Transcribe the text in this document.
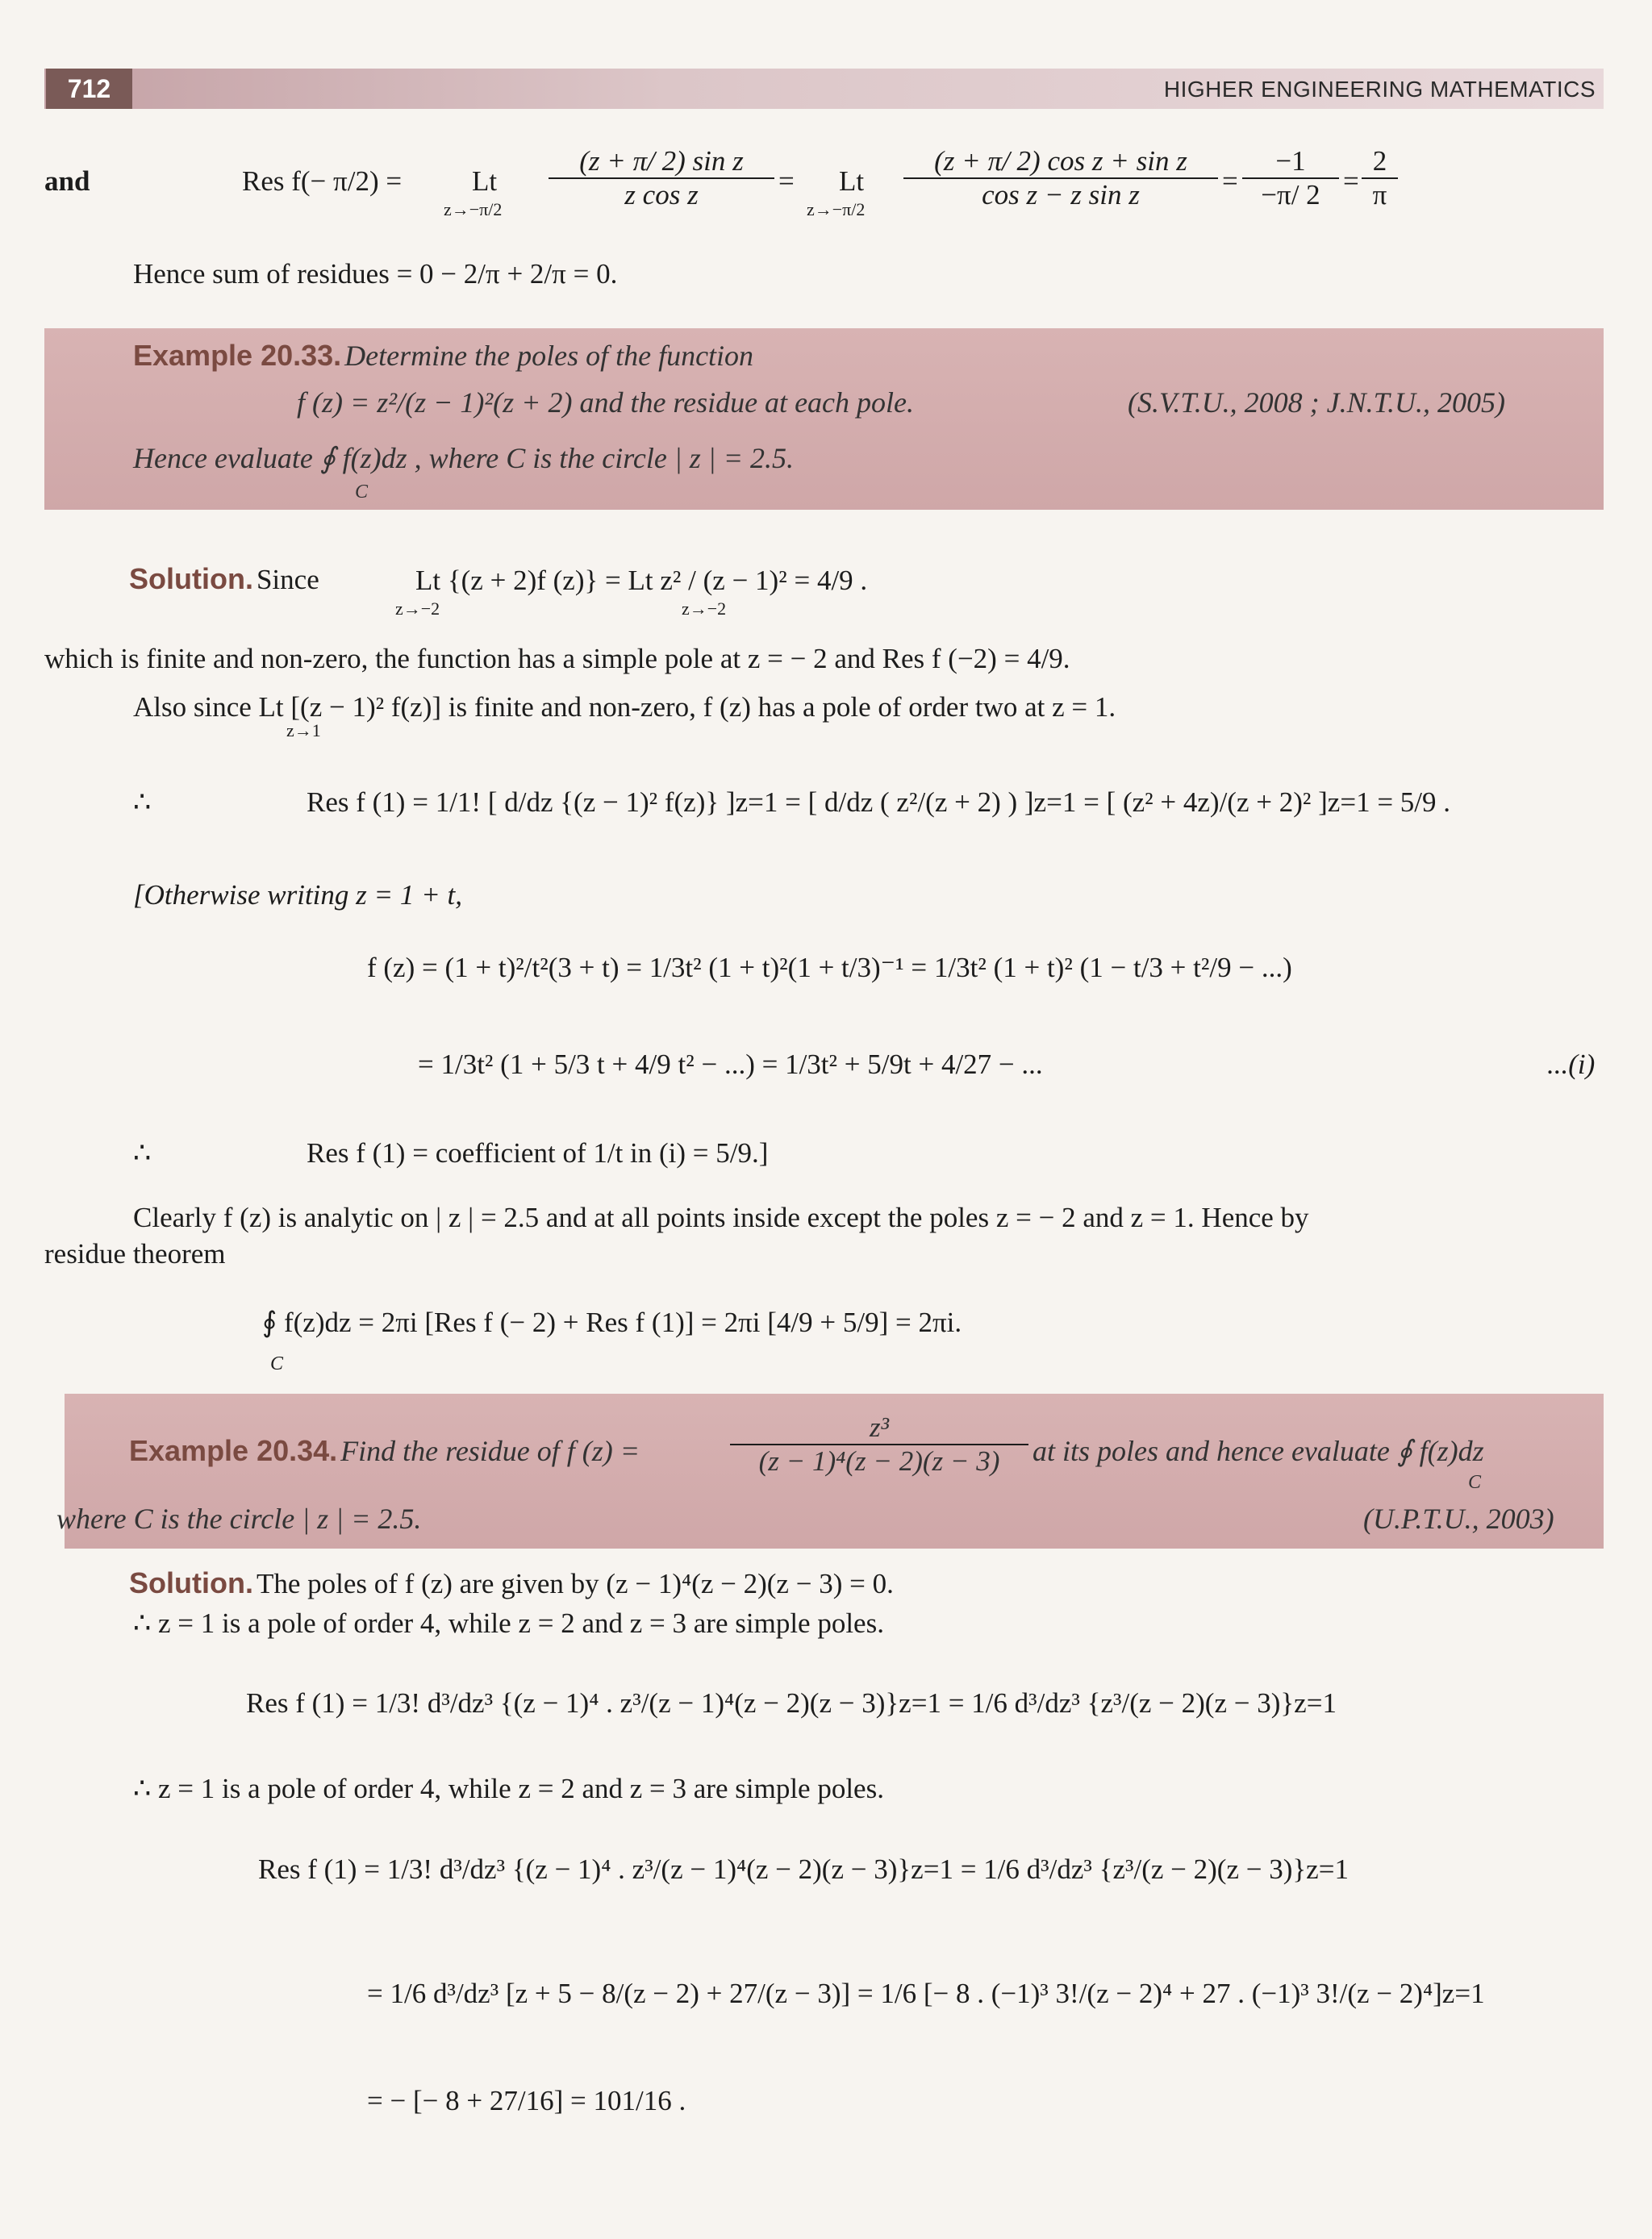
712	HIGHER ENGINEERING MATHEMATICS
and	Res f(− π/2) = Lt
$z\to-\pi/2 \frac{\text{(z + π/ 2) sin z}}{\text{z cos z}} = Lt$
$z\to-\pi/2 \frac{\text{(z + π/ 2) cos z + sin z}}{\text{cos z − z sin z}} = \frac{-1}{-\pi/ 2} = \frac{2}{\pi}$
Hence sum of residues = 0 − 2/π + 2/π = 0.
Example 20.33. Determine the poles of the function
f (z) = z²/(z − 1)²(z + 2) and the residue at each pole.	(S.V.T.U., 2008 ; J.N.T.U., 2005)
Hence evaluate ∮ f(z)dz , where C is the circle | z | = 2.5.
C
Solution. Since	Lt {(z + 2)f (z)} = Lt z² / (z − 1)² = 4/9 .
z→−2	z→−2
which is finite and non-zero, the function has a simple pole at z = − 2 and Res f (−2) = 4/9.
Also since Lt [(z − 1)² f(z)] is finite and non-zero, f (z) has a pole of order two at z = 1.
z→1
∴	Res f (1) = 1/1! [ d/dz {(z − 1)² f(z)} ]z=1 = [ d/dz ( z²/(z + 2) ) ]z=1 = [ (z² + 4z)/(z + 2)² ]z=1 = 5/9 .
[Otherwise writing z = 1 + t,
f (z) = (1 + t)²/t²(3 + t) = 1/3t² (1 + t)²(1 + t/3)⁻¹ = 1/3t² (1 + t)² (1 − t/3 + t²/9 − ...)
= 1/3t² (1 + 5/3 t + 4/9 t² − ...) = 1/3t² + 5/9t + 4/27 − ...	...(i)
∴	Res f (1) = coefficient of 1/t in (i) = 5/9.]
Clearly f (z) is analytic on | z | = 2.5 and at all points inside except the poles z = − 2 and z = 1. Hence by
residue theorem
∮ f(z)dz = 2πi [Res f (− 2) + Res f (1)] = 2πi [4/9 + 5/9] = 2πi.
C
Example 20.34. Find the residue of f (z) =	$\frac{\text{z³}}{\text{(z − 1)⁴(z − 2)(z − 3)}}$ at its poles and hence evaluate ∮ f(z)dz
where C is the circle | z | = 2.5.	(U.P.T.U., 2003)
C
Solution. The poles of f (z) are given by (z − 1)⁴(z − 2)(z − 3) = 0.
∴ z = 1 is a pole of order 4, while z = 2 and z = 3 are simple poles.
Res f (1) = 1/3! d³/dz³ {(z − 1)⁴ . z³/(z − 1)⁴(z − 2)(z − 3)}z=1 = 1/6 d³/dz³ {z³/(z − 2)(z − 3)}z=1
∴ z = 1 is a pole of order 4, while z = 2 and z = 3 are simple poles.
Res f (1) = 1/3! d³/dz³ {(z − 1)⁴ . z³/(z − 1)⁴(z − 2)(z − 3)}z=1 = 1/6 d³/dz³ {z³/(z − 2)(z − 3)}z=1
= 1/6 d³/dz³ [z + 5 − 8/(z − 2) + 27/(z − 3)] = 1/6 [− 8 . (−1)³ 3!/(z − 2)⁴ + 27 . (−1)³ 3!/(z − 2)⁴]z=1
= − [− 8 + 27/16] = 101/16 .
